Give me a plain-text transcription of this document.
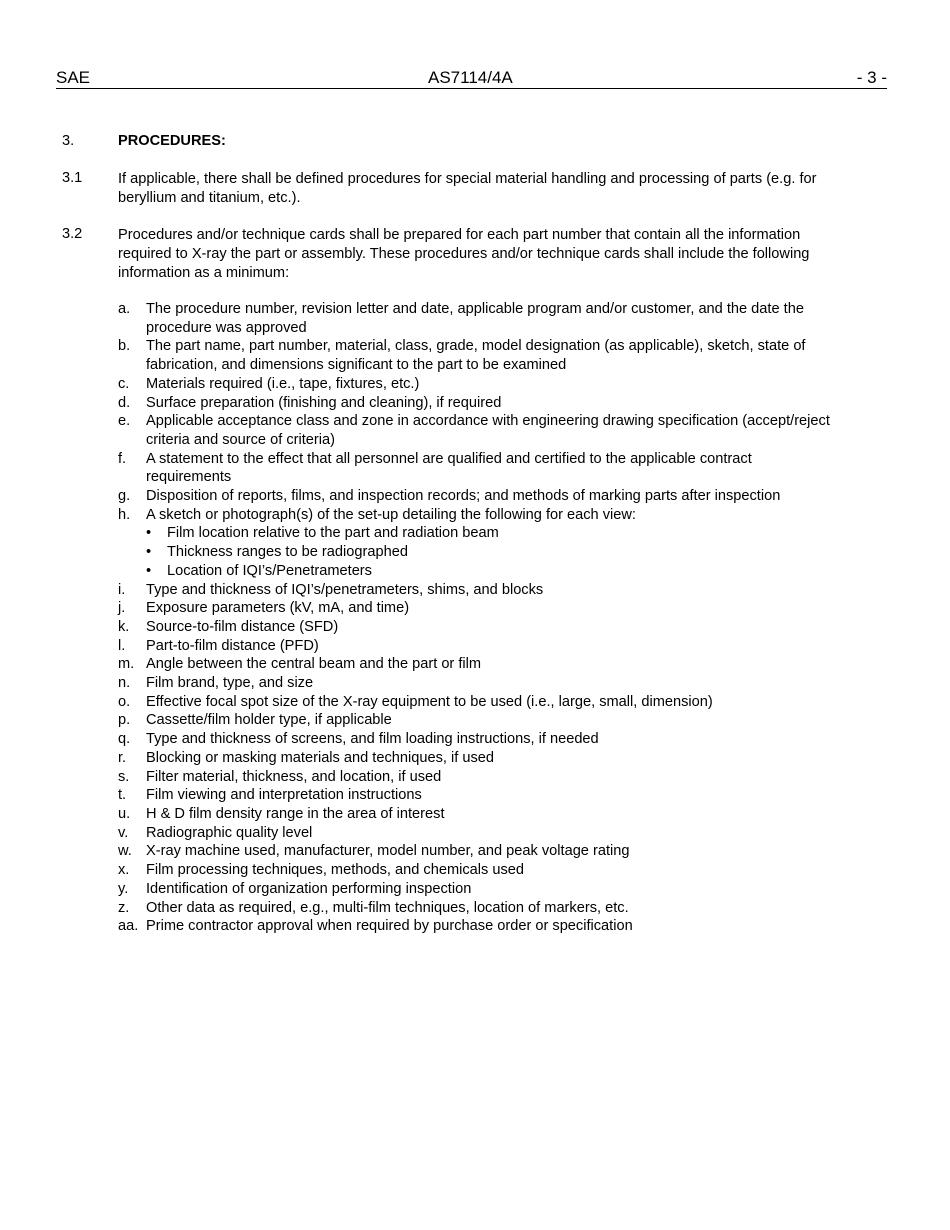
SAE	AS7114/4A	- 3 -
3.	PROCEDURES:
3.1 If applicable, there shall be defined procedures for special material handling and processing of parts (e.g. for beryllium and titanium, etc.).
3.2 Procedures and/or technique cards shall be prepared for each part number that contain all the information required to X-ray the part or assembly. These procedures and/or technique cards shall include the following information as a minimum:
a. The procedure number, revision letter and date, applicable program and/or customer, and the date the procedure was approved
b. The part name, part number, material, class, grade, model designation (as applicable), sketch, state of fabrication, and dimensions significant to the part to be examined
c. Materials required (i.e., tape, fixtures, etc.)
d. Surface preparation (finishing and cleaning), if required
e. Applicable acceptance class and zone in accordance with engineering drawing specification (accept/reject criteria and source of criteria)
f. A statement to the effect that all personnel are qualified and certified to the applicable contract requirements
g. Disposition of reports, films, and inspection records; and methods of marking parts after inspection
h. A sketch or photograph(s) of the set-up detailing the following for each view:
• Film location relative to the part and radiation beam
• Thickness ranges to be radiographed
• Location of IQI’s/Penetrameters
i. Type and thickness of IQI’s/penetrameters, shims, and blocks
j. Exposure parameters (kV, mA, and time)
k. Source-to-film distance (SFD)
l. Part-to-film distance (PFD)
m. Angle between the central beam and the part or film
n. Film brand, type, and size
o. Effective focal spot size of the X-ray equipment to be used (i.e., large, small, dimension)
p. Cassette/film holder type, if applicable
q. Type and thickness of screens, and film loading instructions, if needed
r. Blocking or masking materials and techniques, if used
s. Filter material, thickness, and location, if used
t. Film viewing and interpretation instructions
u. H & D film density range in the area of interest
v. Radiographic quality level
w. X-ray machine used, manufacturer, model number, and peak voltage rating
x. Film processing techniques, methods, and chemicals used
y. Identification of organization performing inspection
z. Other data as required, e.g., multi-film techniques, location of markers, etc.
aa. Prime contractor approval when required by purchase order or specification
